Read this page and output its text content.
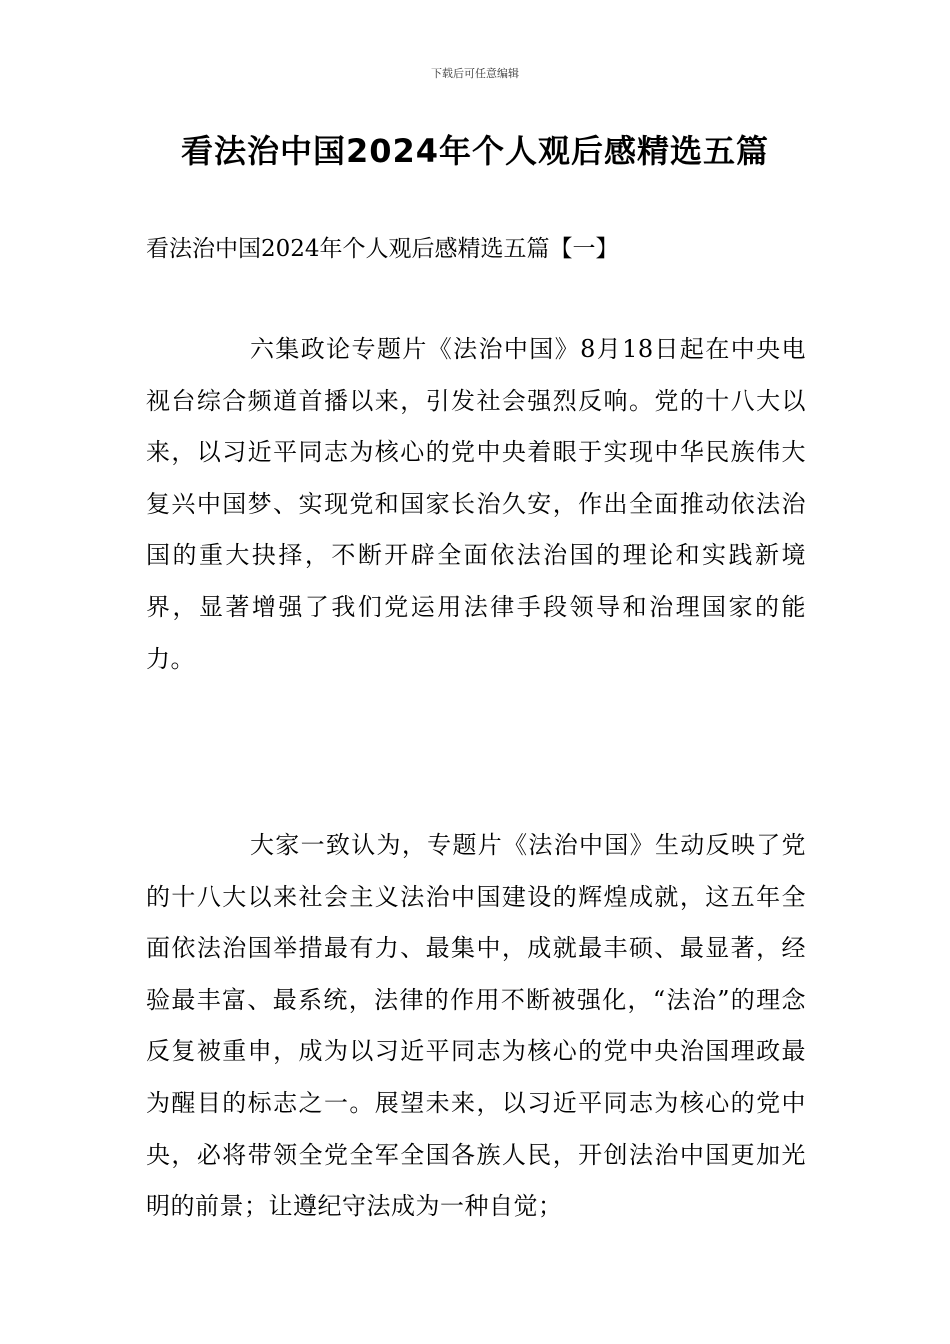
下载后可任意编辑
看法治中国2024年个人观后感精选五篇
看法治中国2024年个人观后感精选五篇【一】
六集政论专题片《法治中国》8月18日起在中央电视台综合频道首播以来，引发社会强烈反响。党的十八大以来，以习近平同志为核心的党中央着眼于实现中华民族伟大复兴中国梦、实现党和国家长治久安，作出全面推动依法治国的重大抉择，不断开辟全面依法治国的理论和实践新境界，显著增强了我们党运用法律手段领导和治理国家的能力。
大家一致认为，专题片《法治中国》生动反映了党的十八大以来社会主义法治中国建设的辉煌成就，这五年全面依法治国举措最有力、最集中，成就最丰硕、最显著，经验最丰富、最系统，法律的作用不断被强化，“法治”的理念反复被重申，成为以习近平同志为核心的党中央治国理政最为醒目的标志之一。展望未来，以习近平同志为核心的党中央，必将带领全党全军全国各族人民，开创法治中国更加光明的前景；让遵纪守法成为一种自觉；
